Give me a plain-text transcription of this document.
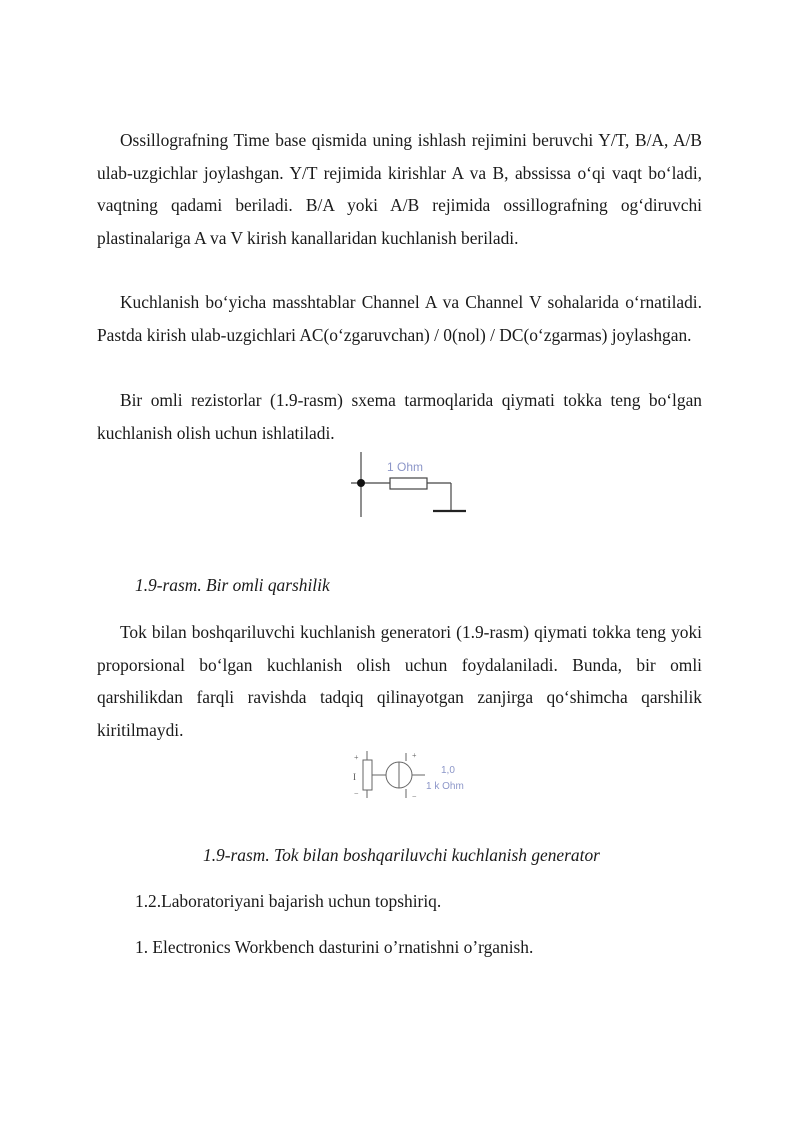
Ossillografning Time base qismida uning ishlash rejimini beruvchi Y/T, B/A, A/B ulab-uzgichlar joylashgan. Y/T rejimida kirishlar A va B, abssissa o‘qi vaqt bo‘ladi, vaqtning qadami beriladi. B/A yoki A/B rejimida ossillografning og‘diruvchi plastinalariga A va V kirish kanallaridan kuchlanish beriladi.

Kuchlanish bo‘yicha masshtablar Channel A va Channel V sohalarida o‘rnatiladi. Pastda kirish ulab-uzgichlari AC(o‘zgaruvchan) / 0(nol) / DC(o‘zgarmas) joylashgan.

Bir omli rezistorlar (1.9-rasm) sxema tarmoqlarida qiymati tokka teng bo‘lgan kuchlanish olish uchun ishlatiladi.

1 Ohm

1.9-rasm. Bir omli qarshilik

Tok bilan boshqariluvchi kuchlanish generatori (1.9-rasm) qiymati tokka teng yoki proporsional bo‘lgan kuchlanish olish uchun foydalaniladi. Bunda, bir omli qarshilikdan farqli ravishda tadqiq qilinayotgan zanjirga qo‘shimcha qarshilik kiritilmaydi.

+
I
−
+
−
1,0
1 k Ohm

1.9-rasm. Tok bilan boshqariluvchi kuchlanish generator

1.2.Laboratoriyani bajarish uchun topshiriq.

1. Electronics Workbench dasturini o’rnatishni o’rganish.
